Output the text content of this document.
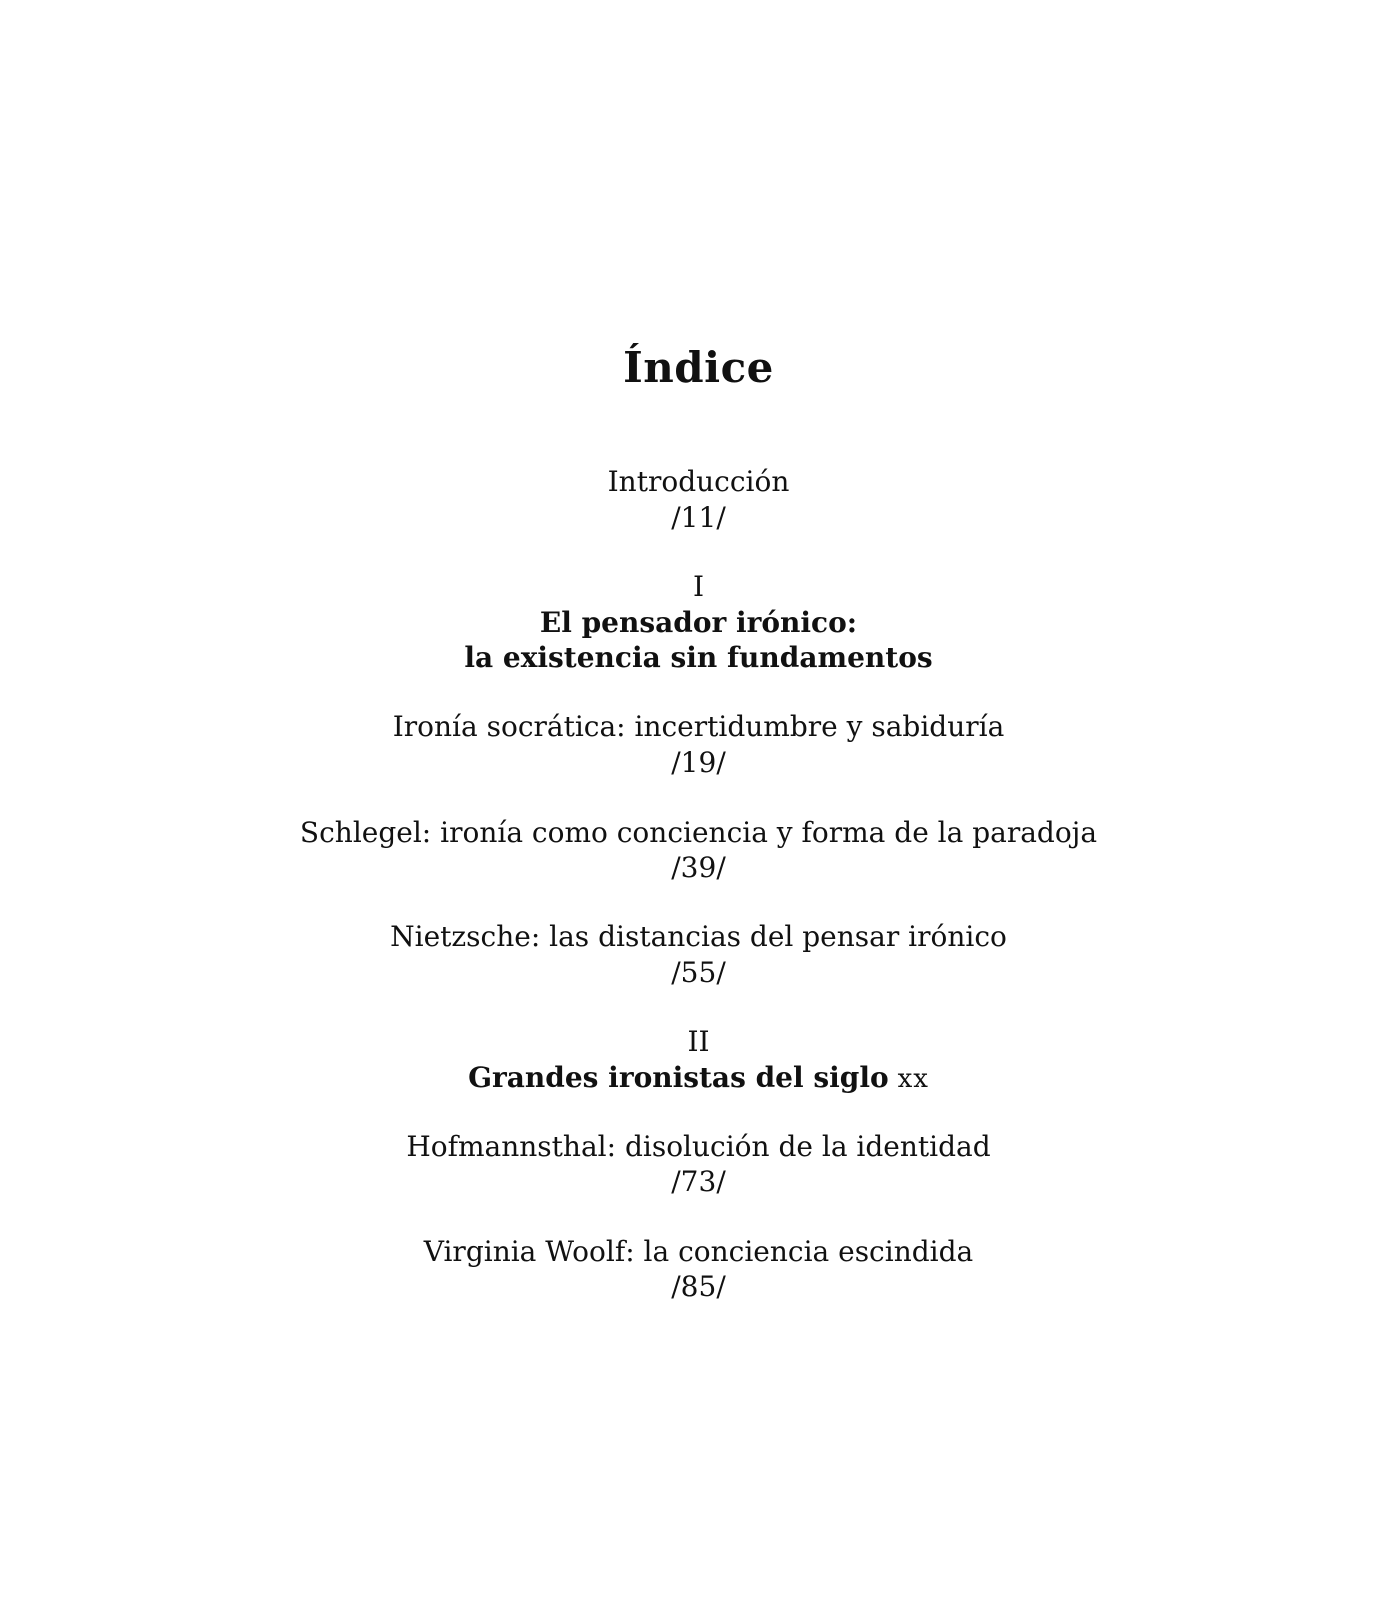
Índice
Introducción
/11/
I
El pensador irónico:
la existencia sin fundamentos
Ironía socrática: incertidumbre y sabiduría
/19/
Schlegel: ironía como conciencia y forma de la paradoja
/39/
Nietzsche: las distancias del pensar irónico
/55/
II
Grandes ironistas del siglo xx
Hofmannsthal: disolución de la identidad
/73/
Virginia Woolf: la conciencia escindida
/85/
